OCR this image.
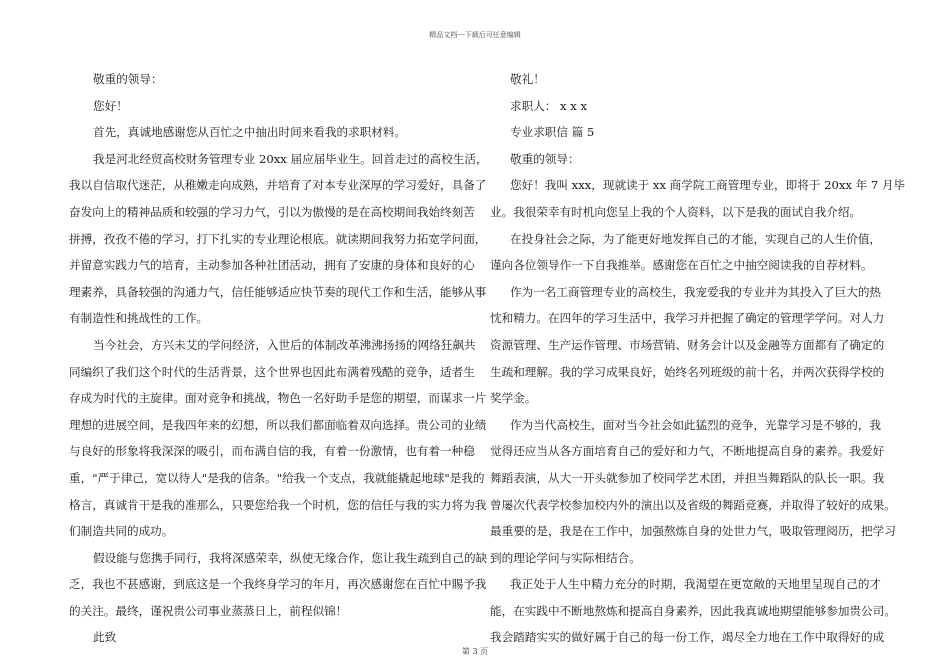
精品文档---下载后可任意编辑

敬重的领导：

您好！

首先，真诚地感谢您从百忙之中抽出时间来看我的求职材料。

我是河北经贸高校财务管理专业 20xx 届应届毕业生。回首走过的高校生活，

我以自信取代迷茫，从稚嫩走向成熟，并培育了对本专业深厚的学习爱好，具备了

奋发向上的精神品质和较强的学习力气，引以为傲慢的是在高校期间我始终刻苦

拼搏，孜孜不倦的学习，打下扎实的专业理论根底。就读期间我努力拓宽学问面，

并留意实践力气的培育，主动参加各种社团活动，拥有了安康的身体和良好的心

理素养，具备较强的沟通力气，信任能够适应快节奏的现代工作和生活，能够从事

有制造性和挑战性的工作。

当今社会，方兴未艾的学问经济，入世后的体制改革沸沸扬扬的网络狂飙共

同编织了我们这个时代的生活背景，这个世界也因此布满着残酷的竞争，适者生

存成为时代的主旋律。面对竞争和挑战，物色一名好助手是您的期望，而谋求一片

理想的进展空间，是我四年来的幻想，所以我们都面临着双向选择。贵公司的业绩

与良好的形象将我深深的吸引，而布满自信的我，有着一份激情，也有着一种稳

重，"严于律己，宽以待人"是我的信条。"给我一个支点，我就能撬起地球"是我的

格言，真诚肯干是我的准那么，只要您给我一个时机，您的信任与我的实力将为我

们制造共同的成功。

假设能与您携手同行，我将深感荣幸，纵使无缘合作，您让我生疏到自己的缺

乏，我也不甚感谢，到底这是一个我终身学习的年月，再次感谢您在百忙中賜予我

的关注。最终，谨祝贵公司事业蒸蒸日上，前程似锦！

此致

敬礼！

求职人： x x x

专业求职信 篇 5

敬重的领导：

您好！我叫 xxx，现就读于 xx 商学院工商管理专业，即将于 20xx 年 7 月毕

业。我很荣幸有时机向您呈上我的个人资料，以下是我的面试自我介绍。

在投身社会之际，为了能更好地发挥自己的才能，实现自己的人生价值，

谨向各位领导作一下自我推举。感谢您在百忙之中抽空阅读我的自荐材料。

作为一名工商管理专业的高校生，我宠爱我的专业并为其投入了巨大的热

忱和精力。在四年的学习生活中，我学习并把握了确定的管理学学问。对人力

资源管理、生产运作管理、市场营销、财务会计以及金融等方面都有了确定的

生疏和理解。我的学习成果良好，始终名列班级的前十名，并两次获得学校的

奖学金。

作为当代高校生，面对当今社会如此猛烈的竞争，光靠学习是不够的，我

觉得还应当从各方面培育自己的爱好和力气，不断地提高自身的素养。我爱好

舞蹈表演，从大一开头就参加了校同学艺术团，并担当舞蹈队的队长一职。我

曾屡次代表学校参加校内外的演出以及省级的舞蹈竞赛，并取得了较好的成果。

最重要的是，我是在工作中，加强熬炼自身的处世力气，吸取管理阅历，把学习

到的理论学问与实际相结合。

我正处于人生中精力充分的时期，我渴望在更宽敞的天地里呈现自己的才

能，在实践中不断地熬炼和提高自身素养，因此我真诚地期望能够参加贵公司。

我会踏踏实实的做好属于自己的每一份工作，竭尽全力地在工作中取得好的成

第 3 页
